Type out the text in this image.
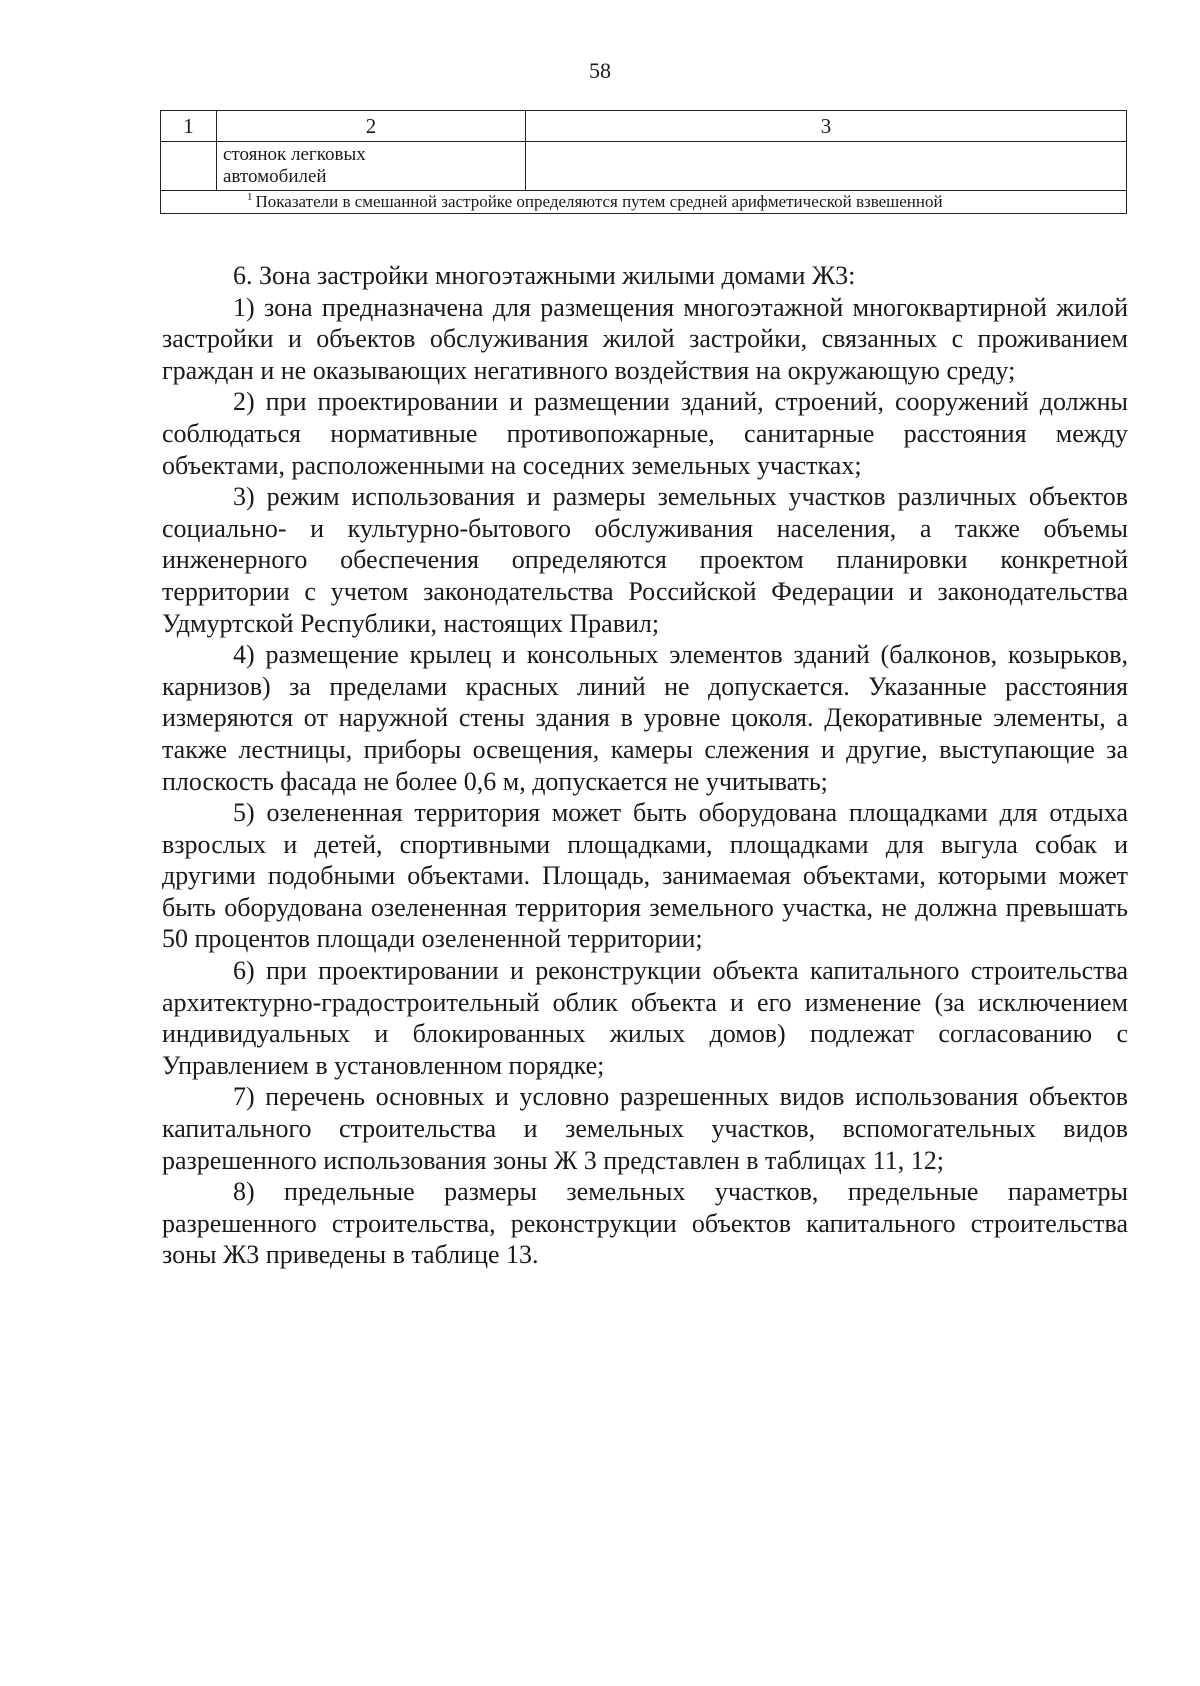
58
1	2	3

	стоянок легковых
автомобилей	

$^1$ Показатели в смешанной застройке определяются путем средней арифметической взвешенной		

6. Зона застройки многоэтажными жилыми домами Ж3:

1) зона предназначена для размещения многоэтажной многоквартирной жилой застройки и объектов обслуживания жилой застройки, связанных с проживанием граждан и не оказывающих негативного воздействия на окружающую среду;

2) при проектировании и размещении зданий, строений, сооружений должны соблюдаться нормативные противопожарные, санитарные расстояния между объектами, расположенными на соседних земельных участках;

3) режим использования и размеры земельных участков различных объектов социально- и культурно-бытового обслуживания населения, а также объемы инженерного обеспечения определяются проектом планировки конкретной территории с учетом законодательства Российской Федерации и законодательства Удмуртской Республики, настоящих Правил;

4) размещение крылец и консольных элементов зданий (балконов, козырьков, карнизов) за пределами красных линий не допускается. Указанные расстояния измеряются от наружной стены здания в уровне цоколя. Декоративные элементы, а также лестницы, приборы освещения, камеры слежения и другие, выступающие за плоскость фасада не более 0,6 м, допускается не учитывать;

5) озелененная территория может быть оборудована площадками для отдыха взрослых и детей, спортивными площадками, площадками для выгула собак и другими подобными объектами. Площадь, занимаемая объектами, которыми может быть оборудована озелененная территория земельного участка, не должна превышать 50 процентов площади озелененной территории;

6) при проектировании и реконструкции объекта капитального строительства архитектурно-градостроительный облик объекта и его изменение (за исключением индивидуальных и блокированных жилых домов) подлежат согласованию с Управлением в установленном порядке;

7) перечень основных и условно разрешенных видов использования объектов капитального строительства и земельных участков, вспомогательных видов разрешенного использования зоны Ж 3 представлен в таблицах 11, 12;

8) предельные размеры земельных участков, предельные параметры разрешенного строительства, реконструкции объектов капитального строительства зоны Ж3 приведены в таблице 13.
